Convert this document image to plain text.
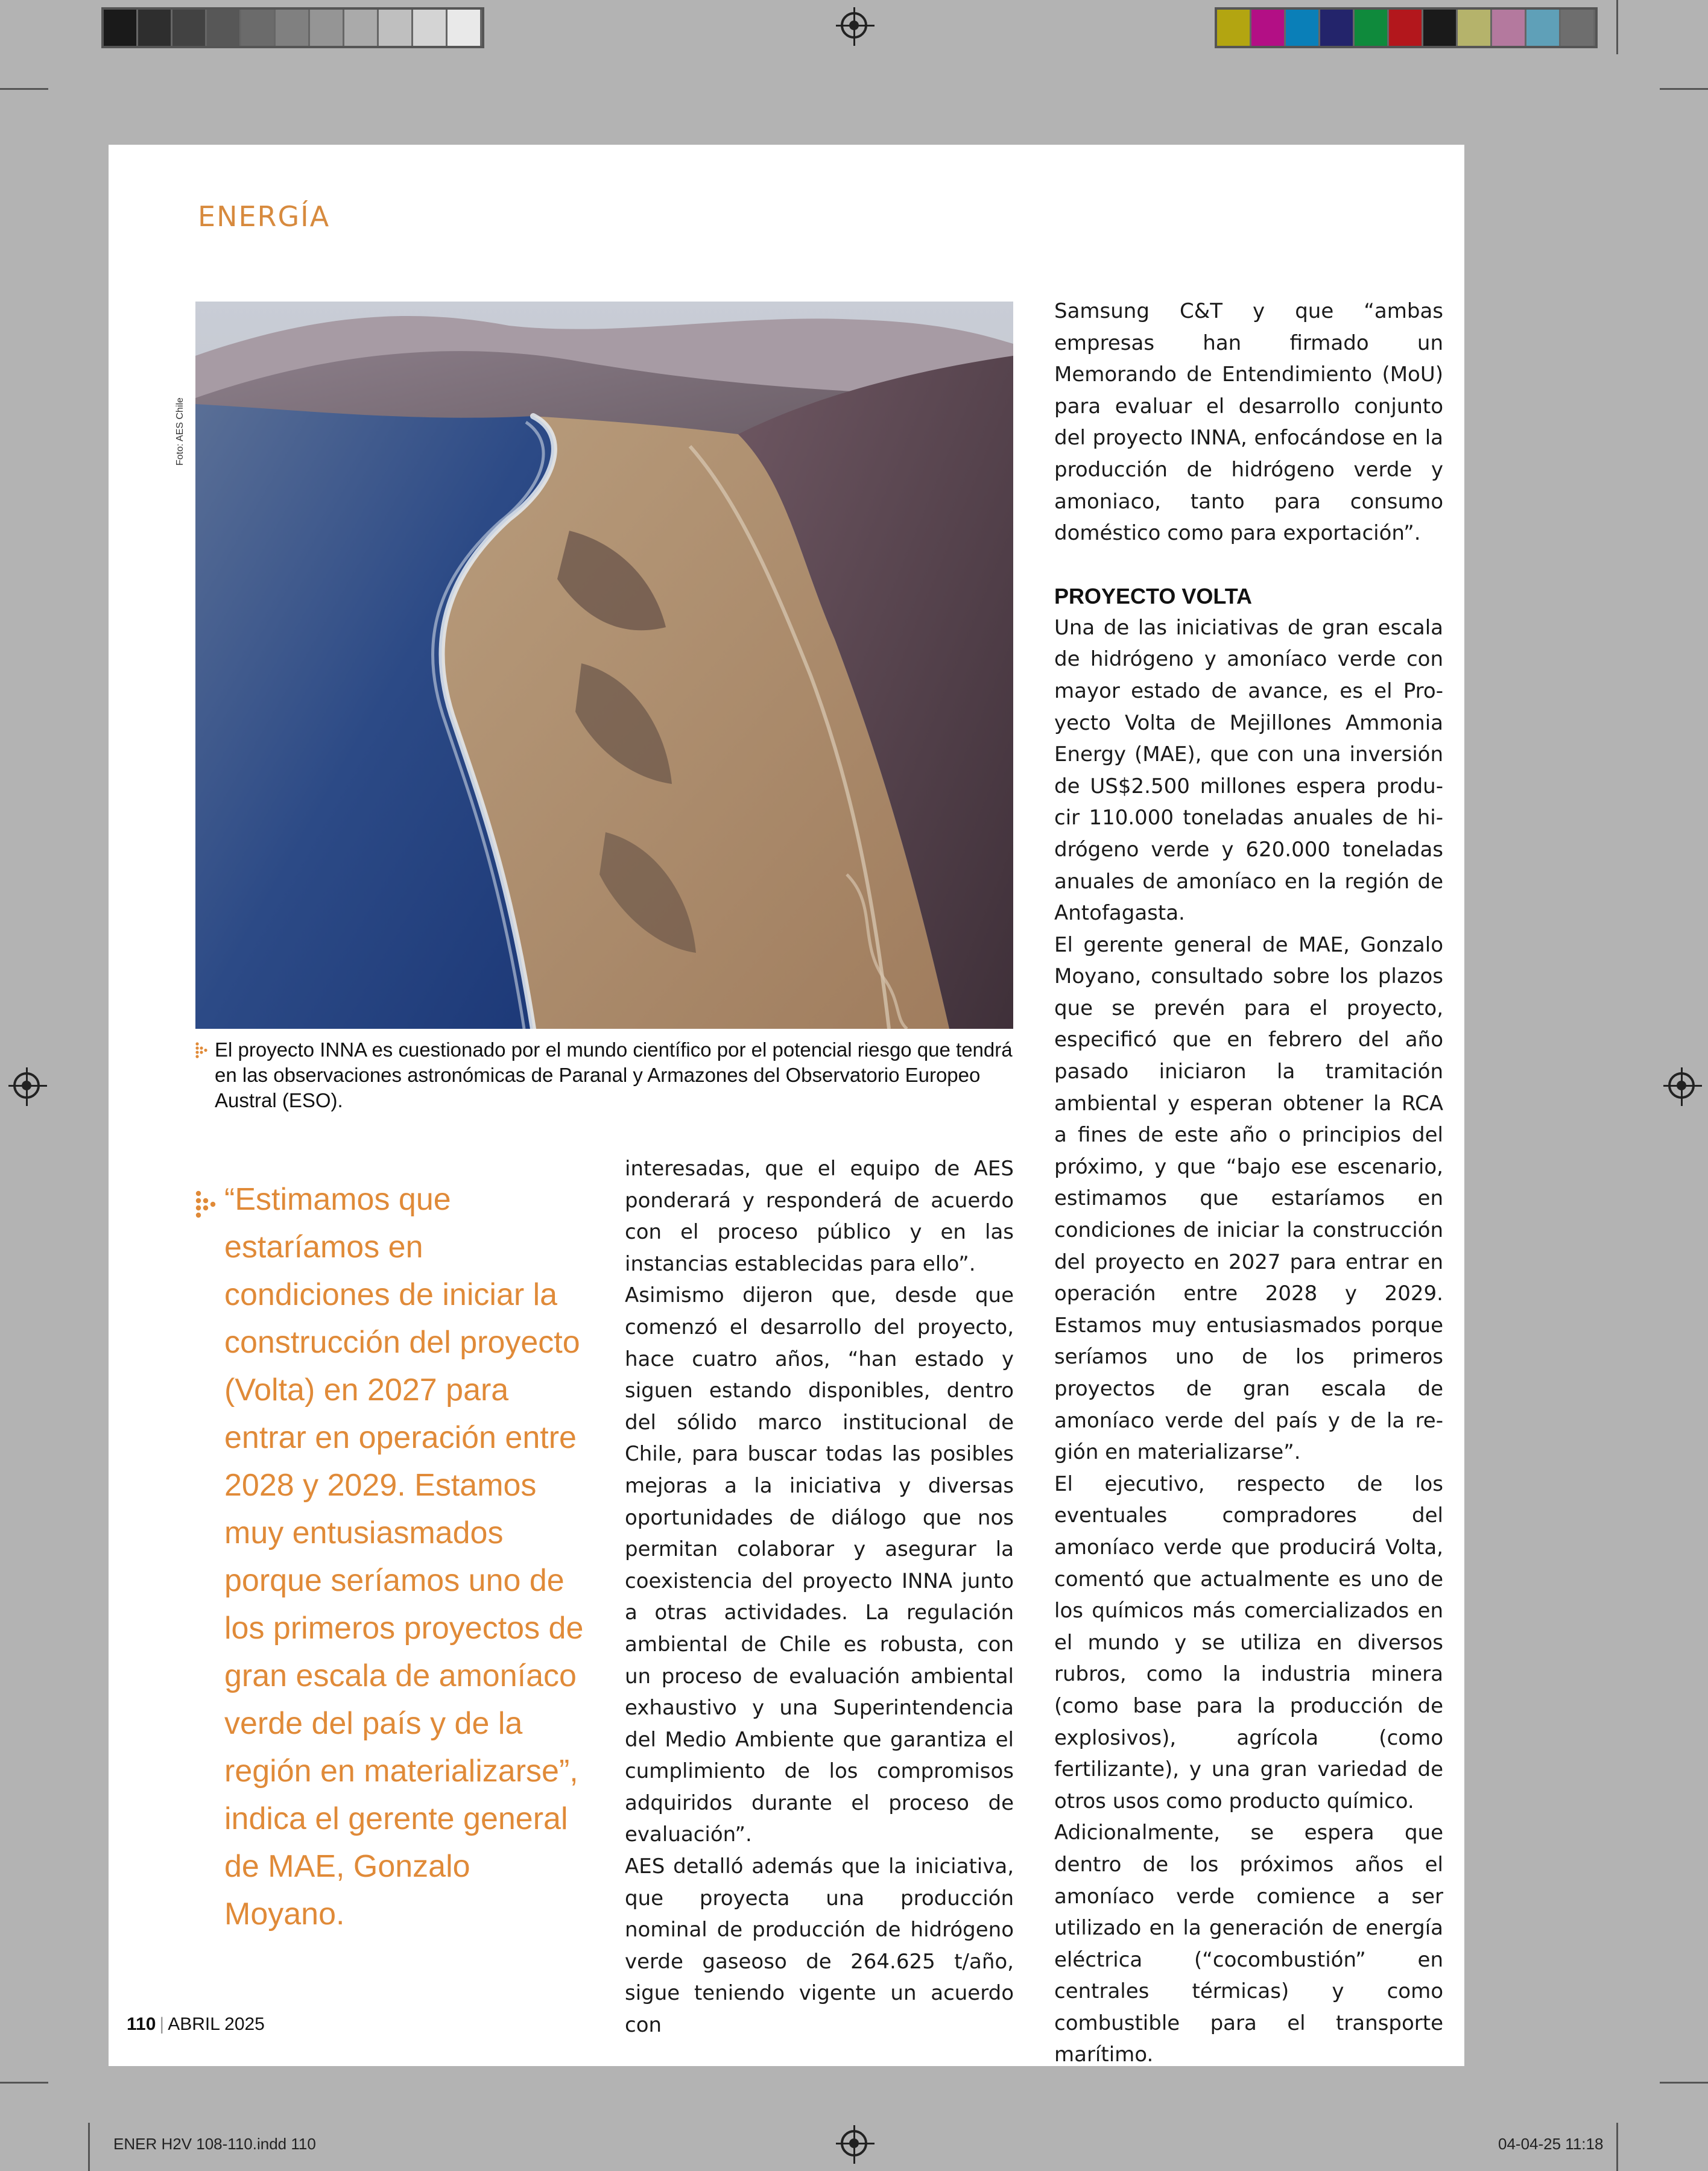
ENER H2V 108-110.indd 110	04-04-25 11:18
ENERGÍA
Foto: AES Chile
El proyecto INNA es cuestionado por el mundo científico por el potencial riesgo que tendrá en las observaciones astronómicas de Paranal y Armazones del Observatorio Europeo Austral (ESO).
“Estimamos que estaríamos en condiciones de iniciar la construcción del proyecto (Volta) en 2027 para entrar en operación entre 2028 y 2029. Estamos muy entusiasmados porque seríamos uno de los primeros proyectos de gran escala de amoníaco verde del país y de la región en materializarse”, indica el gerente general de MAE, Gonzalo Moyano.

interesadas, que el equipo de AES ponderará y responderá de acuerdo con el proceso público y en las instancias establecidas para ello”.

Asimismo dijeron que, desde que comenzó el desarrollo del proyecto, hace cuatro años, “han estado y siguen estando disponibles, dentro del sólido marco institucional de Chile, para buscar todas las posibles mejoras a la iniciativa y diversas oportunidades de diálogo que nos permitan colaborar y asegurar la coexistencia del proyecto INNA junto a otras actividades. La regulación ambiental de Chile es robusta, con un proceso de evaluación ambiental exhaustivo y una Superintendencia del Medio Ambiente que garantiza el cumplimiento de los compromisos adquiridos durante el proceso de evaluación”.

AES detalló además que la iniciativa, que proyecta una producción nominal de producción de hidrógeno verde gaseoso de 264.625 t/año, sigue teniendo vigente un acuerdo con

Samsung C&T y que “ambas empresas han firmado un Memorando de Entendimiento (MoU) para evaluar el desarrollo conjunto del proyecto INNA, enfocándose en la producción de hidrógeno verde y amoniaco, tanto para consumo doméstico como para exportación”.

PROYECTO VOLTA

Una de las iniciativas de gran escala de hidrógeno y amoníaco verde con mayor estado de avance, es el Proyecto Volta de Mejillones Ammonia Energy (MAE), que con una inversión de US$2.500 millones espera producir 110.000 toneladas anuales de hidrógeno verde y 620.000 toneladas anuales de amoníaco en la región de Antofagasta.

El gerente general de MAE, Gonzalo Moyano, consultado sobre los plazos que se prevén para el proyecto, especificó que en febrero del año pasado iniciaron la tramitación ambiental y esperan obtener la RCA a fines de este año o principios del próximo, y que “bajo ese escenario, estimamos que estaríamos en condiciones de iniciar la construcción del proyecto en 2027 para entrar en operación entre 2028 y 2029. Estamos muy entusiasmados porque seríamos uno de los primeros proyectos de gran escala de amoníaco verde del país y de la región en materializarse”.

El ejecutivo, respecto de los eventuales compradores del amoníaco verde que producirá Volta, comentó que actualmente es uno de los químicos más comercializados en el mundo y se utiliza en diversos rubros, como la industria minera (como base para la producción de explosivos), agrícola (como fertilizante), y una gran variedad de otros usos como producto químico.

Adicionalmente, se espera que dentro de los próximos años el amoníaco verde comience a ser utilizado en la generación de energía eléctrica (“cocombustión” en centrales térmicas) y como combustible para el transporte marítimo.

110 | ABRIL 2025
